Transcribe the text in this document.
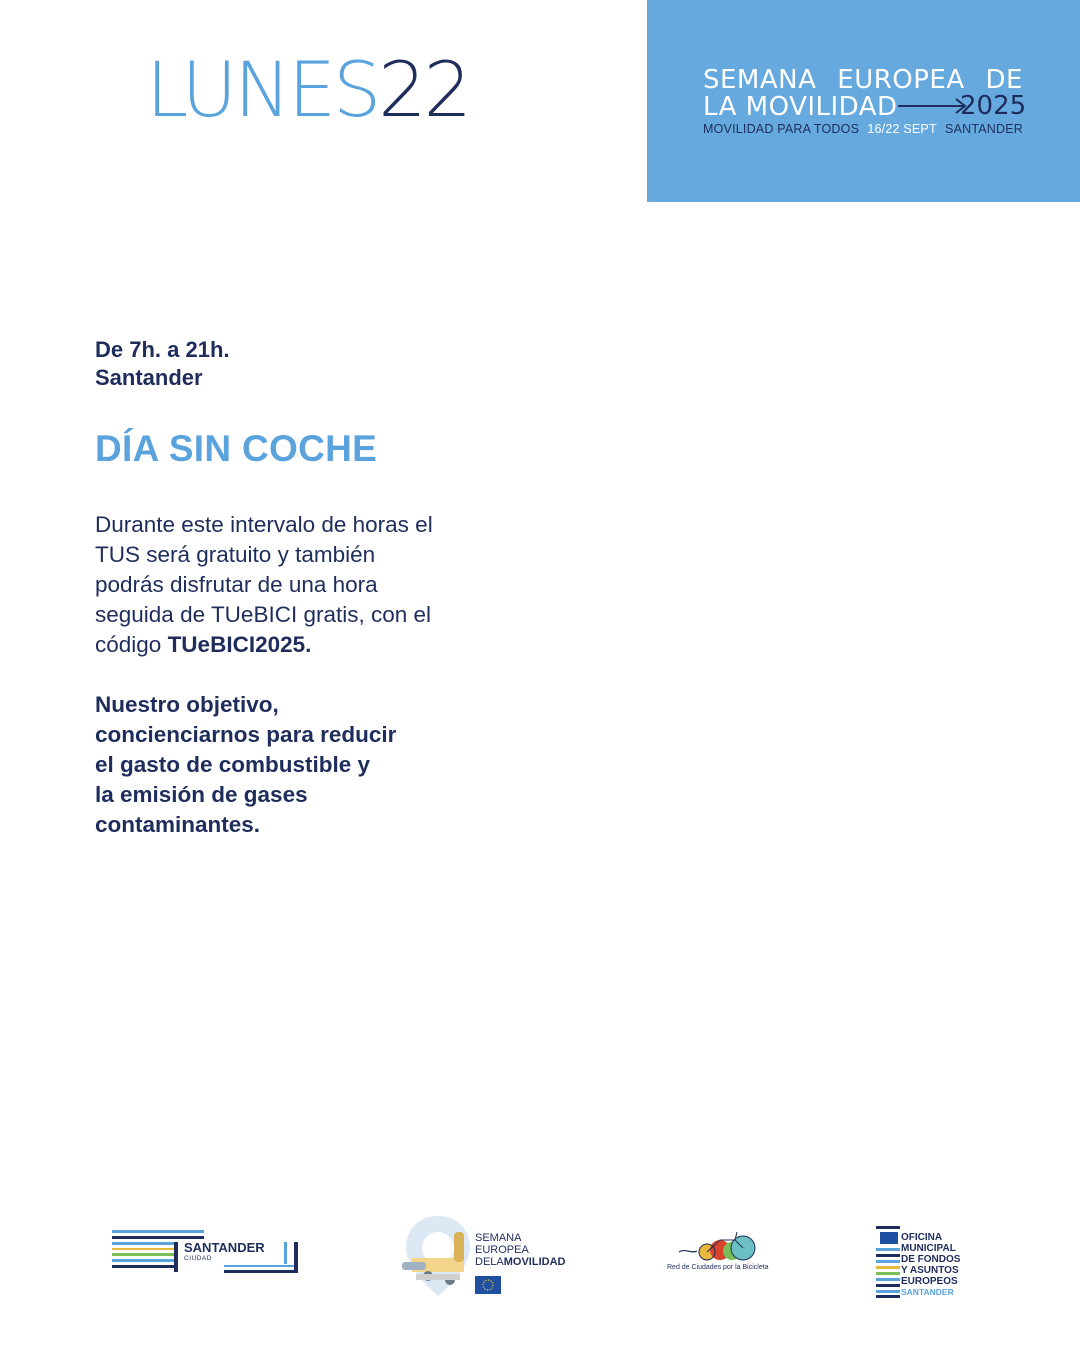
LUNES22	SEMANA EUROPEA DE
LA MOVILIDAD 2025
MOVILIDAD PARA TODOS 16/22 SEPT SANTANDER
De 7h. a 21h.
Santander
DÍA SIN COCHE
Durante este intervalo de horas el
TUS será gratuito y también
podrás disfrutar de una hora
seguida de TUeBICI gratis, con el
código TUeBICI2025.
Nuestro objetivo,
concienciarnos para reducir
el gasto de combustible y
la emisión de gases
contaminantes.
SANTANDER
CIUDAD
SEMANA
EUROPEA
DELAMOVILIDAD	Red de Ciudades por la Bicicleta
OFICINA
MUNICIPAL
DE FONDOS
Y ASUNTOS
EUROPEOS
SANTANDER
